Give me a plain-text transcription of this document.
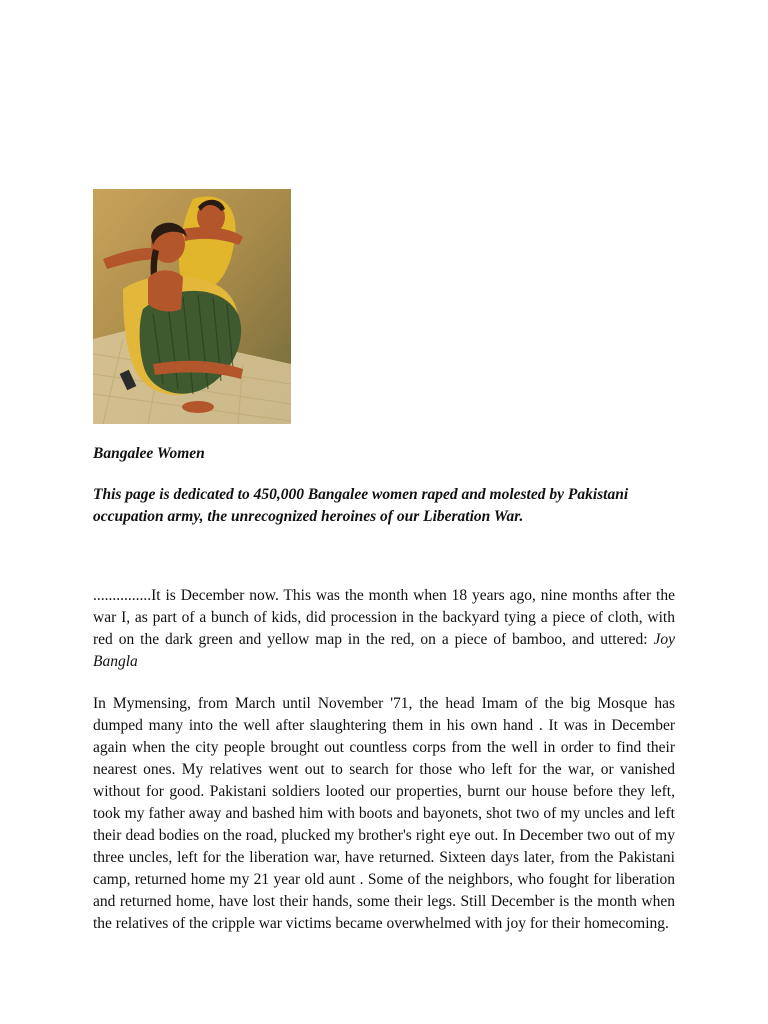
Bangalee Women

This page is dedicated to 450,000 Bangalee women raped and molested by Pakistani occupation army, the unrecognized heroines of our Liberation War.

...............It is December now. This was the month when 18 years ago, nine months after the war I, as part of a bunch of kids, did procession in the backyard tying a piece of cloth, with red on the dark green and yellow map in the red, on a piece of bamboo, and uttered: Joy Bangla

In Mymensing, from March until November '71, the head Imam of the big Mosque has dumped many into the well after slaughtering them in his own hand . It was in December again when the city people brought out countless corps from the well in order to find their nearest ones. My relatives went out to search for those who left for the war, or vanished without for good. Pakistani soldiers looted our properties, burnt our house before they left, took my father away and bashed him with boots and bayonets, shot two of my uncles and left their dead bodies on the road, plucked my brother's right eye out. In December two out of my three uncles, left for the liberation war, have returned. Sixteen days later, from the Pakistani camp, returned home my 21 year old aunt . Some of the neighbors, who fought for liberation and returned home, have lost their hands, some their legs. Still December is the month when the relatives of the cripple war victims became overwhelmed with joy for their homecoming.
